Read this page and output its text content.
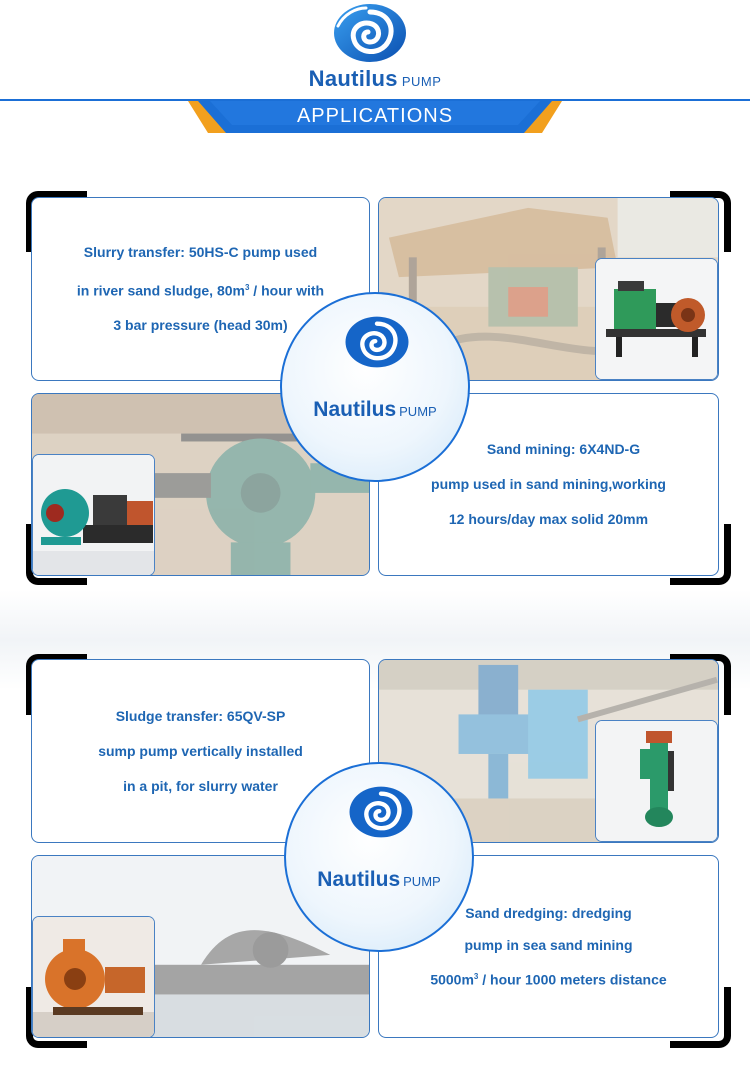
Nautilus PUMP
APPLICATIONS
Slurry transfer: 50HS-C pump used
in river sand sludge, $80m^3$ / hour with
3 bar pressure (head 30m)
Sand mining: 6X4ND-G
pump used in sand mining,working
12 hours/day max solid 20mm
Nautilus PUMP
Sludge transfer: 65QV-SP
sump pump vertically installed
in a pit, for slurry water
Sand dredging: dredging
pump in sea sand mining
$5000m^3$ / hour 1000 meters distance
Nautilus PUMP
